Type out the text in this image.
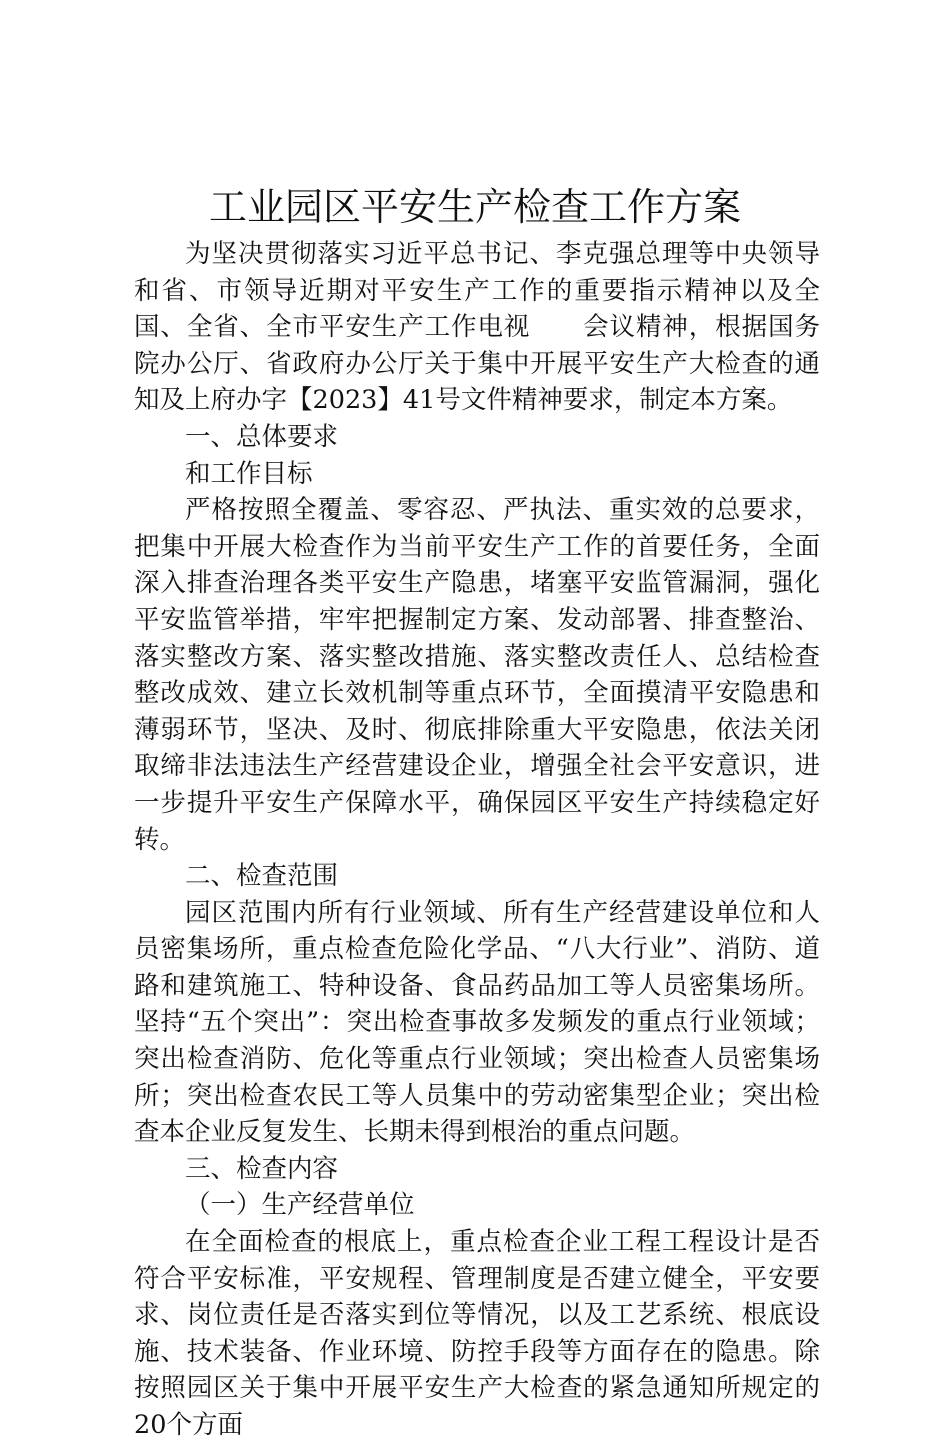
工业园区平安生产检查工作方案

为坚决贯彻落实习近平总书记、李克强总理等中央领导和省、市领导近期对平安生产工作的重要指示精神以及全国、全省、全市平安生产工作电视　　会议精神，根据国务院办公厅、省政府办公厅关于集中开展平安生产大检查的通知及上府办字【2023】41号文件精神要求，制定本方案。

一、总体要求

和工作目标

严格按照全覆盖、零容忍、严执法、重实效的总要求，把集中开展大检查作为当前平安生产工作的首要任务，全面深入排查治理各类平安生产隐患，堵塞平安监管漏洞，强化平安监管举措，牢牢把握制定方案、发动部署、排查整治、落实整改方案、落实整改措施、落实整改责任人、总结检查整改成效、建立长效机制等重点环节，全面摸清平安隐患和薄弱环节，坚决、及时、彻底排除重大平安隐患，依法关闭取缔非法违法生产经营建设企业，增强全社会平安意识，进一步提升平安生产保障水平，确保园区平安生产持续稳定好转。

二、检查范围

园区范围内所有行业领域、所有生产经营建设单位和人员密集场所，重点检查危险化学品、“八大行业”、消防、道路和建筑施工、特种设备、食品药品加工等人员密集场所。坚持“五个突出”：突出检查事故多发频发的重点行业领域；突出检查消防、危化等重点行业领域；突出检查人员密集场所；突出检查农民工等人员集中的劳动密集型企业；突出检查本企业反复发生、长期未得到根治的重点问题。

三、检查内容

（一）生产经营单位

在全面检查的根底上，重点检查企业工程工程设计是否符合平安标准，平安规程、管理制度是否建立健全，平安要求、岗位责任是否落实到位等情况，以及工艺系统、根底设施、技术装备、作业环境、防控手段等方面存在的隐患。除按照园区关于集中开展平安生产大检查的紧急通知所规定的20个方面
